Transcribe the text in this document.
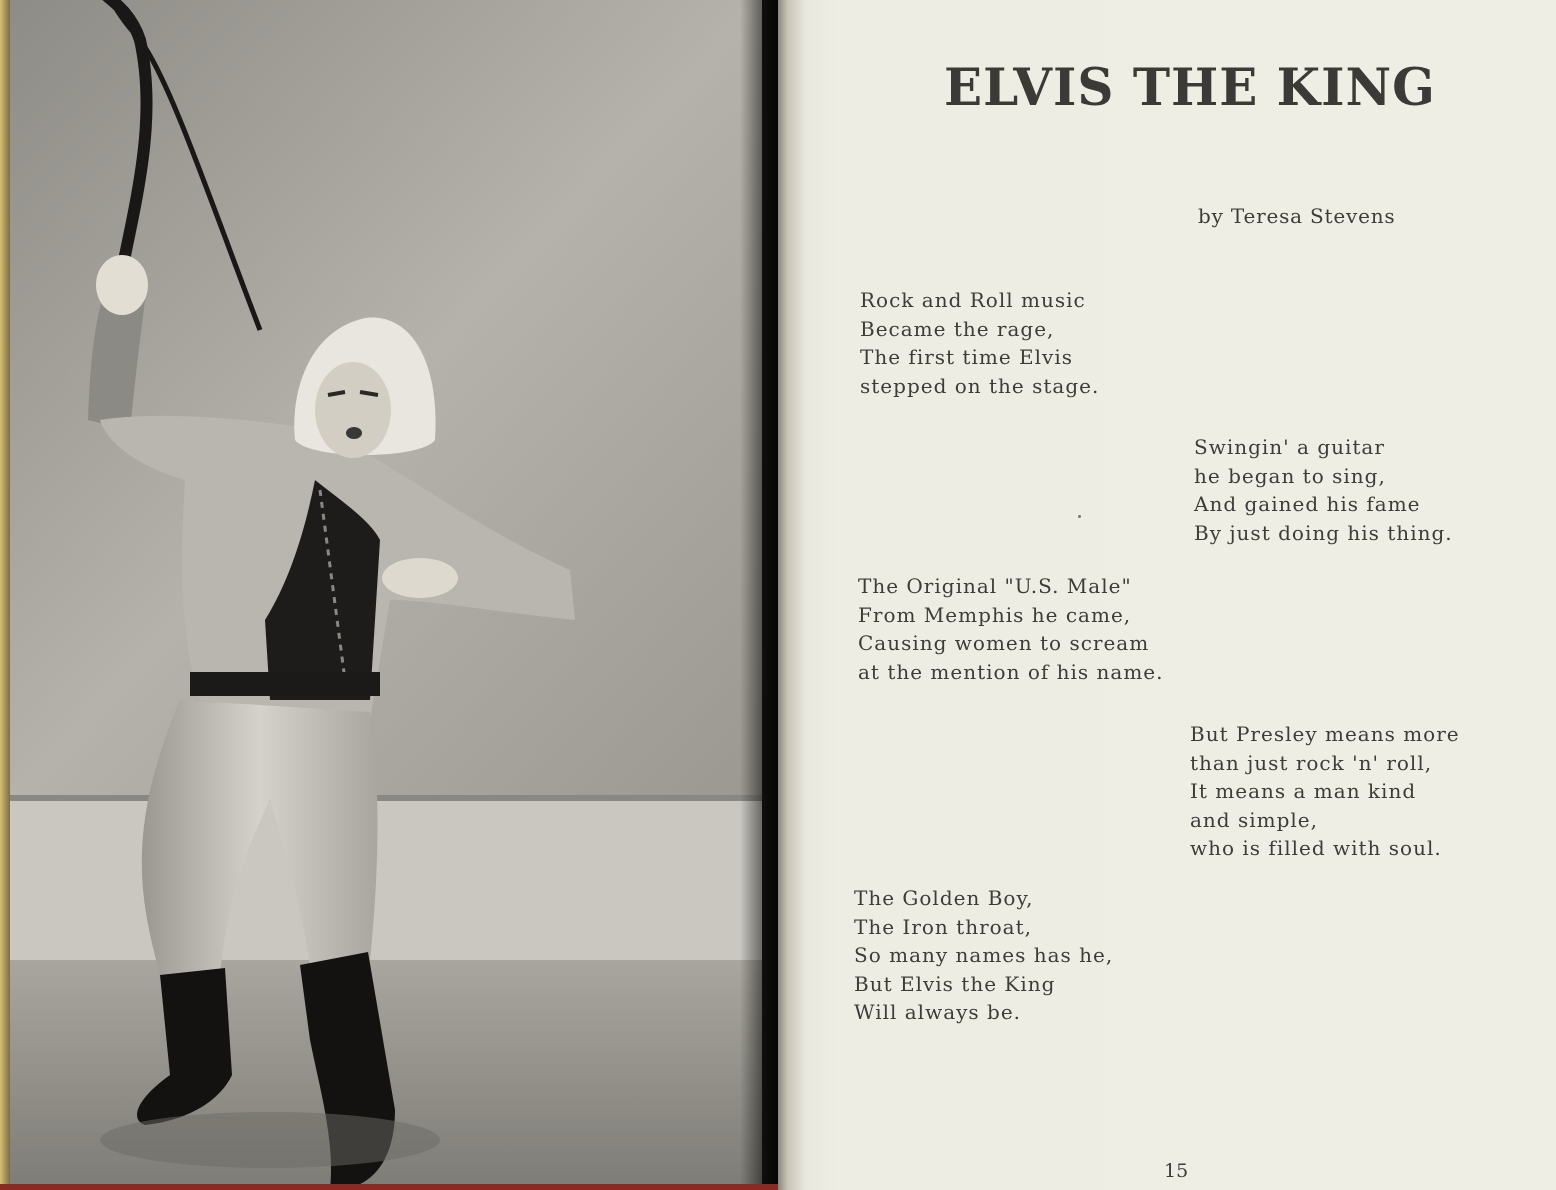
ELVIS THE KING
by Teresa Stevens
Rock and Roll music
Became the rage,
The first time Elvis
stepped on the stage.
Swingin' a guitar
he began to sing,
And gained his fame
By just doing his thing.
The Original "U.S. Male"
From Memphis he came,
Causing women to scream
at the mention of his name.
But Presley means more
than just rock 'n' roll,
It means a man kind
and simple,
who is filled with soul.
The Golden Boy,
The Iron throat,
So many names has he,
But Elvis the King
Will always be.
15
